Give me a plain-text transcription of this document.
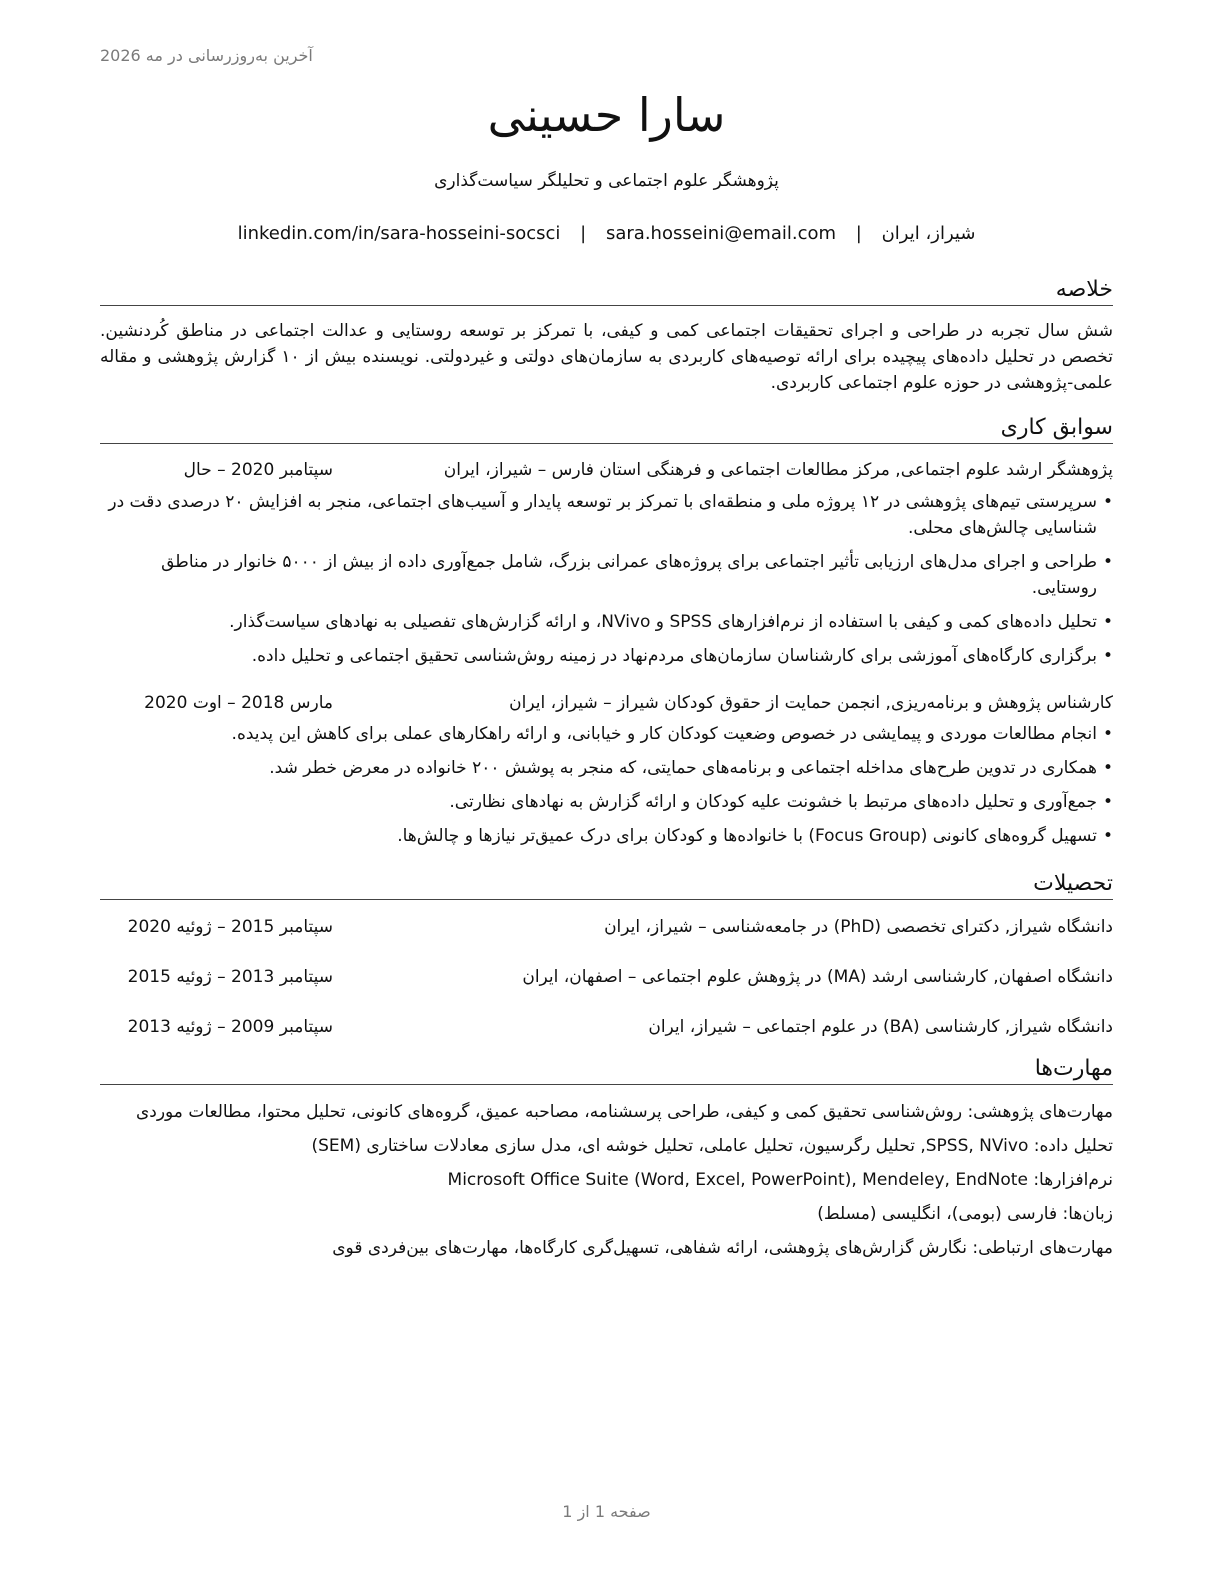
آخرین به‌روزرسانی در مه 2026
سارا حسینی
پژوهشگر علوم اجتماعی و تحلیلگر سیاست‌گذاری
شیراز، ایران | sara.hosseini@email.com | linkedin.com/in/sara-hosseini-socsci
خلاصه
شش سال تجربه در طراحی و اجرای تحقیقات اجتماعی کمی و کیفی، با تمرکز بر توسعه روستایی و عدالت اجتماعی در مناطق کُردنشین. تخصص در تحلیل داده‌های پیچیده برای ارائه توصیه‌های کاربردی به سازمان‌های دولتی و غیردولتی. نویسنده بیش از ۱۰ گزارش پژوهشی و مقاله علمی-پژوهشی در حوزه علوم اجتماعی کاربردی.
سوابق کاری
پژوهشگر ارشد علوم اجتماعی, مرکز مطالعات اجتماعی و فرهنگی استان فارس – شیراز، ایران
سپتامبر 2020 – حال
• سرپرستی تیم‌های پژوهشی در ۱۲ پروژه ملی و منطقه‌ای با تمرکز بر توسعه پایدار و آسیب‌های اجتماعی، منجر به افزایش ۲۰ درصدی دقت در شناسایی چالش‌های محلی.
• طراحی و اجرای مدل‌های ارزیابی تأثیر اجتماعی برای پروژه‌های عمرانی بزرگ، شامل جمع‌آوری داده از بیش از ۵۰۰۰ خانوار در مناطق روستایی.
• تحلیل داده‌های کمی و کیفی با استفاده از نرم‌افزارهای SPSS و NVivo، و ارائه گزارش‌های تفصیلی به نهادهای سیاست‌گذار.
• برگزاری کارگاه‌های آموزشی برای کارشناسان سازمان‌های مردم‌نهاد در زمینه روش‌شناسی تحقیق اجتماعی و تحلیل داده.
کارشناس پژوهش و برنامه‌ریزی, انجمن حمایت از حقوق کودکان شیراز – شیراز، ایران
مارس 2018 – اوت 2020
• انجام مطالعات موردی و پیمایشی در خصوص وضعیت کودکان کار و خیابانی، و ارائه راهکارهای عملی برای کاهش این پدیده.
• همکاری در تدوین طرح‌های مداخله اجتماعی و برنامه‌های حمایتی، که منجر به پوشش ۲۰۰ خانواده در معرض خطر شد.
• جمع‌آوری و تحلیل داده‌های مرتبط با خشونت علیه کودکان و ارائه گزارش به نهادهای نظارتی.
• تسهیل گروه‌های کانونی (Focus Group) با خانواده‌ها و کودکان برای درک عمیق‌تر نیازها و چالش‌ها.
تحصیلات
دانشگاه شیراز, دکترای تخصصی (PhD) در جامعه‌شناسی – شیراز، ایران
سپتامبر 2015 – ژوئیه 2020
دانشگاه اصفهان, کارشناسی ارشد (MA) در پژوهش علوم اجتماعی – اصفهان، ایران
سپتامبر 2013 – ژوئیه 2015
دانشگاه شیراز, کارشناسی (BA) در علوم اجتماعی – شیراز، ایران
سپتامبر 2009 – ژوئیه 2013
مهارت‌ها
مهارت‌های پژوهشی: روش‌شناسی تحقیق کمی و کیفی، طراحی پرسشنامه، مصاحبه عمیق، گروه‌های کانونی، تحلیل محتوا، مطالعات موردی
تحلیل داده: SPSS, NVivo, تحلیل رگرسیون، تحلیل عاملی، تحلیل خوشه ای، مدل سازی معادلات ساختاری (SEM)
نرم‌افزارها: Microsoft Office Suite (Word, Excel, PowerPoint), Mendeley, EndNote
زبان‌ها: فارسی (بومی)، انگلیسی (مسلط)
مهارت‌های ارتباطی: نگارش گزارش‌های پژوهشی، ارائه شفاهی، تسهیل‌گری کارگاه‌ها، مهارت‌های بین‌فردی قوی
صفحه 1 از 1
